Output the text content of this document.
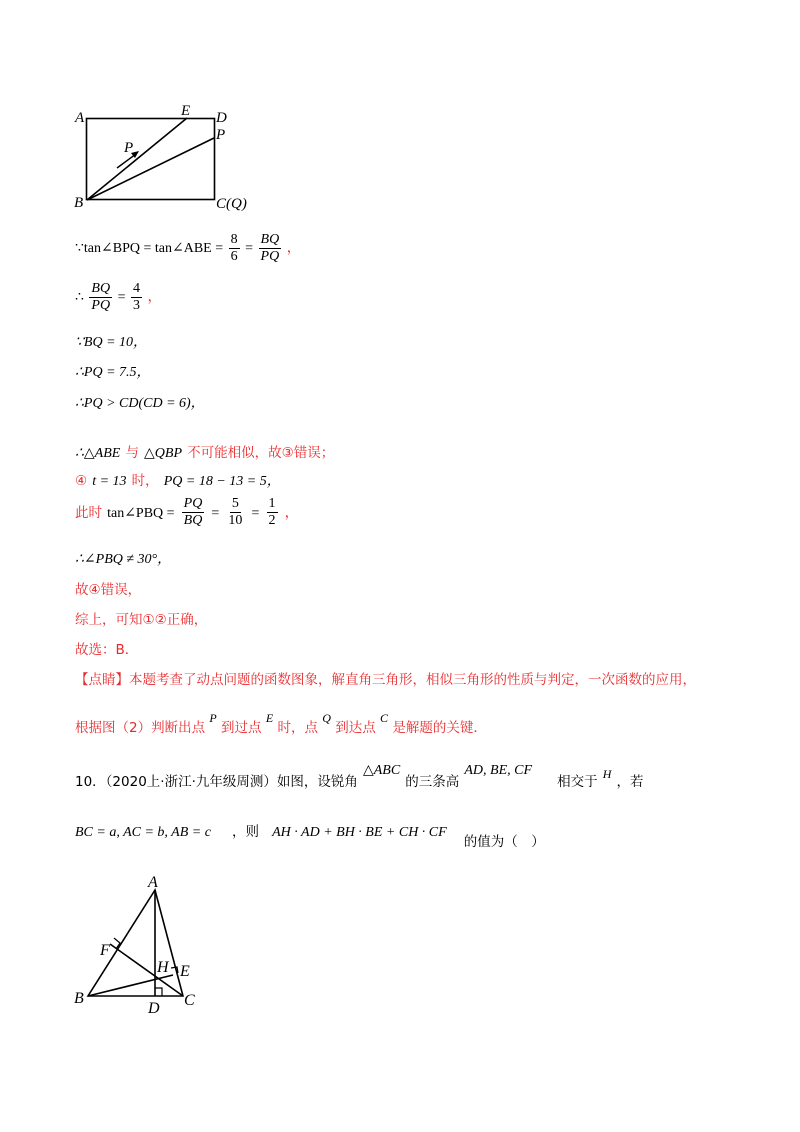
A	E D
P
P
B	C(Q)
∵tan∠BPQ = tan∠ABE = $\frac{8}{6} = \frac{BQ}{PQ}$ ，
∴ $\frac{BQ}{PQ} = \frac{4}{3}$ ，
∵BQ = 10，
∴PQ = 7.5，
∴PQ > CD(CD = 6)，
∴△ABE 与 △QBP 不可能相似，故③错误；
④ t = 13 时， PQ = 18 − 13 = 5，
此时 tan∠PBQ = $\frac{PQ}{BQ} = \frac{5}{10} = \frac{1}{2}$ ，
∴∠PBQ ≠ 30°，
故④错误，
综上，可知①②正确，
故选：B．
【点睛】本题考查了动点问题的函数图象，解直角三角形，相似三角形的性质与判定，一次函数的应用，
根据图（2）判断出点 P 到过点 E 时，点 Q 到达点 C 是解题的关键．
10．（2020上·浙江·九年级周测）如图，设锐角 △ABC 的三条高 AD, BE, CF 相交于 $^H$ ，若
BC = a, AC = b, AB = c ，则 AH · AD + BH · BE + CH · CF $_{的值为( )}$
A
F
H E
B
D C
